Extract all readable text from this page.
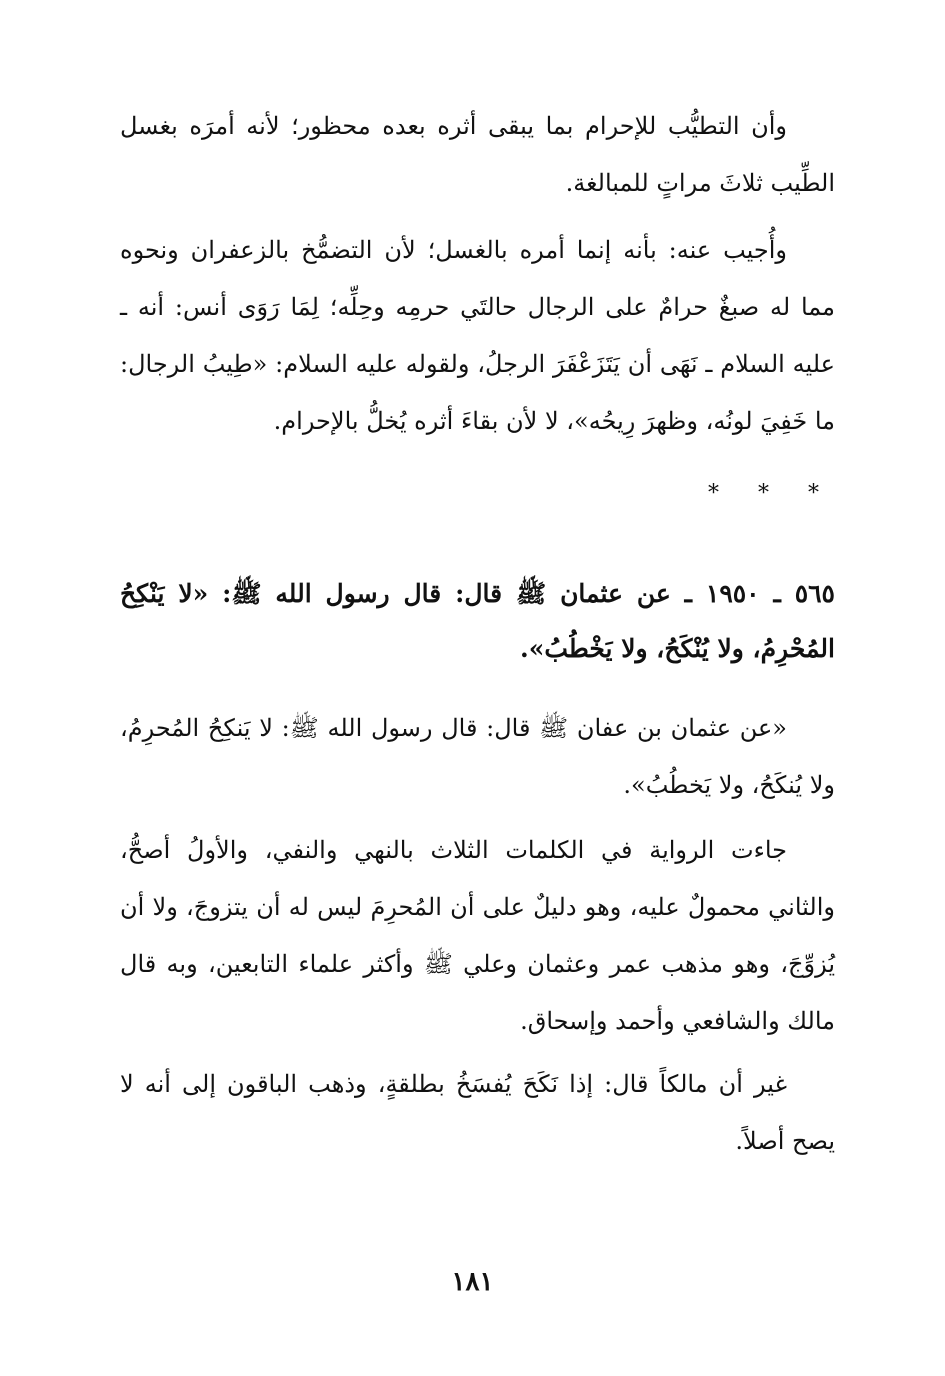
وأن التطيُّب للإحرام بما يبقى أثره بعده محظور؛ لأنه أمرَه بغسل الطِّيب ثلاثَ مراتٍ للمبالغة.

وأُجيب عنه: بأنه إنما أمره بالغسل؛ لأن التضمُّخ بالزعفران ونحوه مما له صبغٌ حرامٌ على الرجال حالتَي حرمِه وحِلِّه؛ لِمَا رَوَى أنس: أنه ـ عليه السلام ـ نَهَى أن يَتَزَعْفَرَ الرجلُ، ولقوله عليه السلام: «طِيبُ الرجال: ما خَفِيَ لونُه، وظهرَ رِيحُه»، لا لأن بقاءَ أثره يُخلُّ بالإحرام.

* * *

٥٦٥ ـ ١٩٥٠ ـ عن عثمان ﷺ قال: قال رسول الله ﷺ: «لا يَنْكِحُ المُحْرِمُ، ولا يُنْكَحُ، ولا يَخْطُبُ».

«عن عثمان بن عفان ﷺ قال: قال رسول الله ﷺ: لا يَنكِحُ المُحرِمُ، ولا يُنكَحُ، ولا يَخطُبُ».

جاءت الرواية في الكلمات الثلاث بالنهي والنفي، والأولُ أصحُّ، والثاني محمولٌ عليه، وهو دليلٌ على أن المُحرِمَ ليس له أن يتزوجَ، ولا أن يُزوِّجَ، وهو مذهب عمر وعثمان وعلي ﷺ وأكثر علماء التابعين، وبه قال مالك والشافعي وأحمد وإسحاق.

غير أن مالكاً قال: إذا نَكَحَ يُفسَخُ بطلقةٍ، وذهب الباقون إلى أنه لا يصح أصلاً.

١٨١
